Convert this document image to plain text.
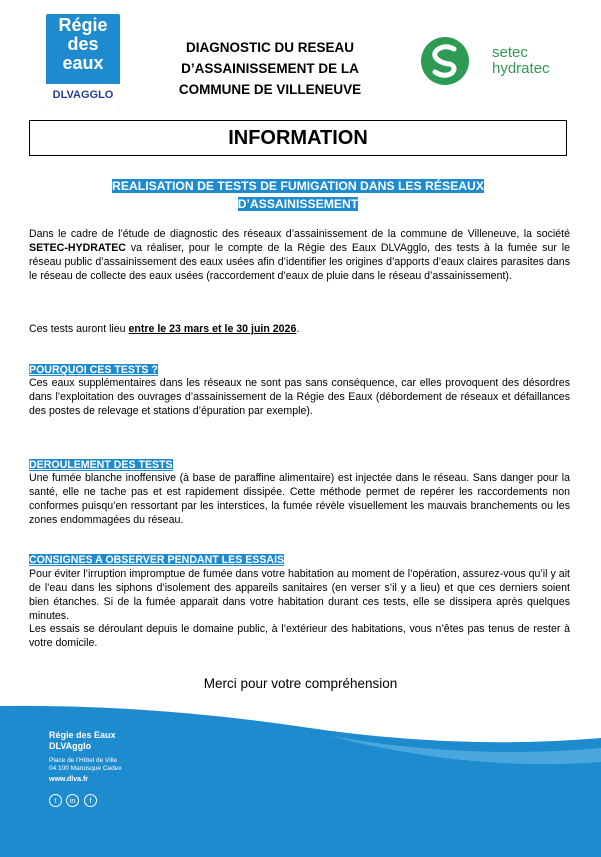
Régie
des
eaux
DLVAGGLO
DIAGNOSTIC DU RESEAU D’ASSAINISSEMENT DE LA COMMUNE DE VILLENEUVE
setec
hydratec
INFORMATION
REALISATION DE TESTS DE FUMIGATION DANS LES RÉSEAUX
D’ASSAINISSEMENT
Dans le cadre de l’étude de diagnostic des réseaux d’assainissement de la commune de Villeneuve, la société SETEC-HYDRATEC va réaliser, pour le compte de la Régie des Eaux DLVAgglo, des tests à la fumée sur le réseau public d’assainissement des eaux usées afin d’identifier les origines d’apports d’eaux claires parasites dans le réseau de collecte des eaux usées (raccordement d’eaux de pluie dans le réseau d’assainissement).
Ces tests auront lieu entre le 23 mars et le 30 juin 2026.
POURQUOI CES TESTS ?
Ces eaux supplémentaires dans les réseaux ne sont pas sans conséquence, car elles provoquent des désordres dans l’exploitation des ouvrages d’assainissement de la Régie des Eaux (débordement de réseaux et défaillances des postes de relevage et stations d’épuration par exemple).
DEROULEMENT DES TESTS
Une fumée blanche inoffensive (à base de paraffine alimentaire) est injectée dans le réseau. Sans danger pour la santé, elle ne tache pas et est rapidement dissipée. Cette méthode permet de repérer les raccordements non conformes puisqu’en ressortant par les interstices, la fumée révèle visuellement les mauvais branchements ou les zones endommagées du réseau.
CONSIGNES A OBSERVER PENDANT LES ESSAIS
Pour éviter l’irruption impromptue de fumée dans votre habitation au moment de l’opération, assurez-vous qu’il y ait de l’eau dans les siphons d’isolement des appareils sanitaires (en verser s’il y a lieu) et que ces derniers soient bien étanches. Si de la fumée apparait dans votre habitation durant ces tests, elle se dissipera après quelques minutes.
Les essais se déroulant depuis le domaine public, à l’extérieur des habitations, vous n’êtes pas tenus de rester à votre domicile.
Merci pour votre compréhension
Régie des Eaux
DLVAgglo
Place de l’Hôtel de Ville
04 100 Manosque Cedex
www.dlva.fr
t	in	f
